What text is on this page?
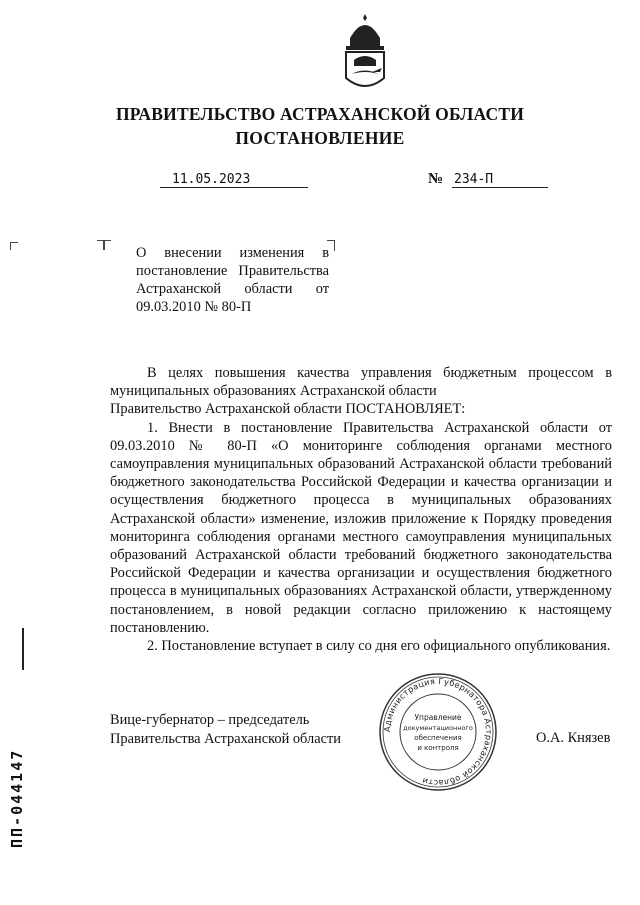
ПРАВИТЕЛЬСТВО АСТРАХАНСКОЙ ОБЛАСТИ
ПОСТАНОВЛЕНИЕ
11.05.2023	№ 234-П
О внесении изменения в постановление Правительства Астраханской области от 09.03.2010 № 80-П

В целях повышения качества управления бюджетным процессом в муниципальных образованиях Астраханской области

Правительство Астраханской области ПОСТАНОВЛЯЕТ:

1. Внести в постановление Правительства Астраханской области от 09.03.2010 № 80-П «О мониторинге соблюдения органами местного самоуправления муниципальных образований Астраханской области требований бюджетного законодательства Российской Федерации и качества организации и осуществления бюджетного процесса в муниципальных образованиях Астраханской области» изменение, изложив приложение к Порядку проведения мониторинга соблюдения органами местного самоуправления муниципальных образований Астраханской области требований бюджетного законодательства Российской Федерации и качества организации и осуществления бюджетного процесса в муниципальных образованиях Астраханской области, утвержденному постановлением, в новой редакции согласно приложению к настоящему постановлению.

2. Постановление вступает в силу со дня его официального опубликования.

Вице-губернатор – председатель
Правительства Астраханской области	О.А. Князев
Администрация Губернатора Астраханской области
Управление
документационного
обеспечения
и контроля
ПП-044147
